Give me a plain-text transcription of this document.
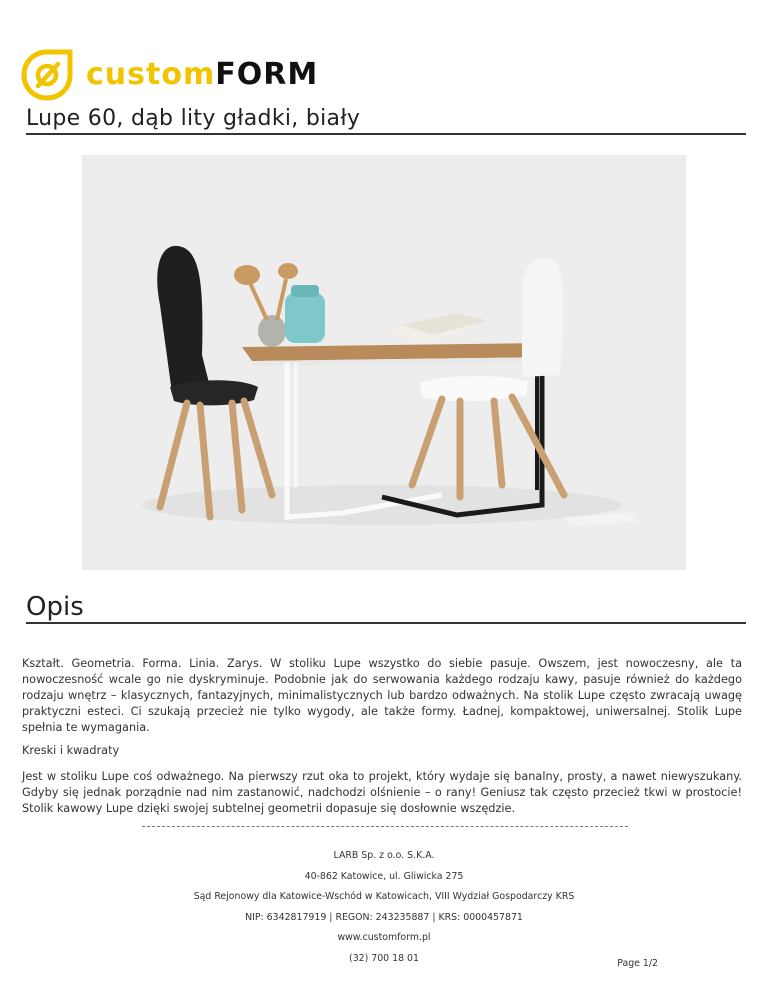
customFORM
Lupe 60, dąb lity gładki, biały
Opis

Kształt. Geometria. Forma. Linia. Zarys. W stoliku Lupe wszystko do siebie pasuje. Owszem, jest nowoczesny, ale ta nowoczesność wcale go nie dyskryminuje. Podobnie jak do serwowania każdego rodzaju kawy, pasuje również do każdego rodzaju wnętrz – klasycznych, fantazyjnych, minimalistycznych lub bardzo odważnych. Na stolik Lupe często zwracają uwagę praktyczni esteci. Ci szukają przecież nie tylko wygody, ale także formy. Ładnej, kompaktowej, uniwersalnej. Stolik Lupe spełnia te wymagania.

Kreski i kwadraty

Jest w stoliku Lupe coś odważnego. Na pierwszy rzut oka to projekt, który wydaje się banalny, prosty, a nawet niewyszukany. Gdyby się jednak porządnie nad nim zastanowić, nadchodzi olśnienie – o rany! Geniusz tak często przecież tkwi w prostocie! Stolik kawowy Lupe dzięki swojej subtelnej geometrii dopasuje się dosłownie wszędzie.

LARB Sp. z o.o. S.K.A.
40-862 Katowice, ul. Gliwicka 275
Sąd Rejonowy dla Katowice-Wschód w Katowicach, VIII Wydział Gospodarczy KRS
NIP: 6342817919 | REGON: 243235887 | KRS: 0000457871
www.customform.pl
(32) 700 18 01	Page 1/2
